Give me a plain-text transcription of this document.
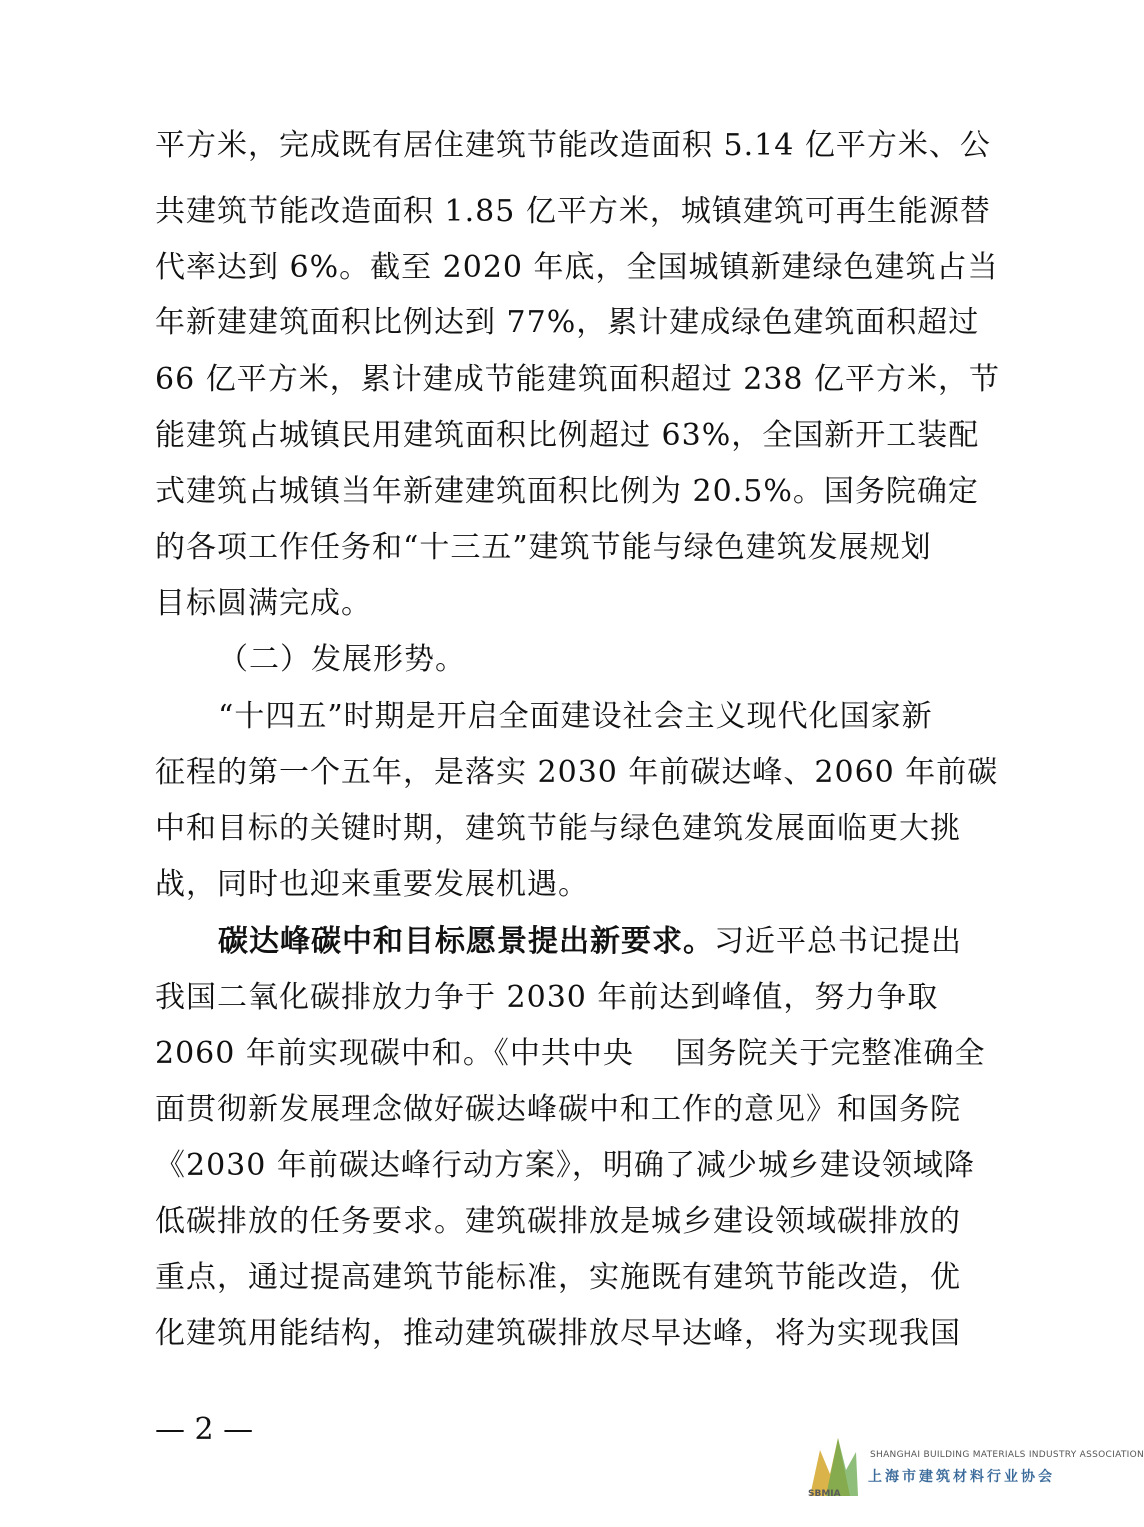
平方米，完成既有居住建筑节能改造面积 5.14 亿平方米、公
共建筑节能改造面积 1.85 亿平方米，城镇建筑可再生能源替
代率达到 6%。截至 2020 年底，全国城镇新建绿色建筑占当
年新建建筑面积比例达到 77%，累计建成绿色建筑面积超过
66 亿平方米，累计建成节能建筑面积超过 238 亿平方米，节
能建筑占城镇民用建筑面积比例超过 63%，全国新开工装配
式建筑占城镇当年新建建筑面积比例为 20.5%。国务院确定
的各项工作任务和“十三五”建筑节能与绿色建筑发展规划
目标圆满完成。
（二）发展形势。
“十四五”时期是开启全面建设社会主义现代化国家新
征程的第一个五年，是落实 2030 年前碳达峰、2060 年前碳
中和目标的关键时期，建筑节能与绿色建筑发展面临更大挑
战，同时也迎来重要发展机遇。
碳达峰碳中和目标愿景提出新要求。习近平总书记提出
我国二氧化碳排放力争于 2030 年前达到峰值，努力争取
2060 年前实现碳中和。《中共中央　 国务院关于完整准确全
面贯彻新发展理念做好碳达峰碳中和工作的意见》和国务院
《2030 年前碳达峰行动方案》，明确了减少城乡建设领域降
低碳排放的任务要求。建筑碳排放是城乡建设领域碳排放的
重点，通过提高建筑节能标准，实施既有建筑节能改造，优
化建筑用能结构，推动建筑碳排放尽早达峰，将为实现我国
— 2 —
SBMIA
SHANGHAI BUILDING MATERIALS INDUSTRY ASSOCIATION
上海市建筑材料行业协会
